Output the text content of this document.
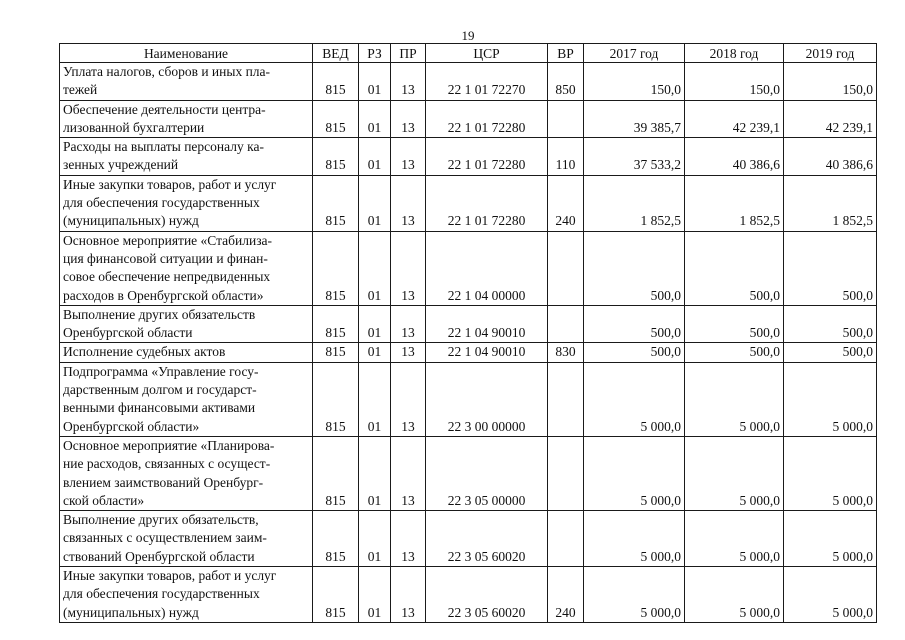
19
Наименование	ВЕД	РЗ	ПР	ЦСР	ВР	2017 год	2018 год	2019 год
Уплата налогов, сборов и иных пла-
тежей	815	01	13	22 1 01 72270	850	150,0	150,0	150,0
Обеспечение деятельности центра-
лизованной бухгалтерии	815	01	13	22 1 01 72280		39 385,7	42 239,1	42 239,1
Расходы на выплаты персоналу ка-
зенных учреждений	815	01	13	22 1 01 72280	110	37 533,2	40 386,6	40 386,6
Иные закупки товаров, работ и услуг
для обеспечения государственных
(муниципальных) нужд	815	01	13	22 1 01 72280	240	1 852,5	1 852,5	1 852,5
Основное мероприятие «Стабилиза-
ция финансовой ситуации и финан-
совое обеспечение непредвиденных
расходов в Оренбургской области»	815	01	13	22 1 04 00000		500,0	500,0	500,0
Выполнение других обязательств
Оренбургской области	815	01	13	22 1 04 90010		500,0	500,0	500,0
Исполнение судебных актов	815	01	13	22 1 04 90010	830	500,0	500,0	500,0
Подпрограмма «Управление госу-
дарственным долгом и государст-
венными финансовыми активами
Оренбургской области»	815	01	13	22 3 00 00000		5 000,0	5 000,0	5 000,0
Основное мероприятие «Планирова-
ние расходов, связанных с осущест-
влением заимствований Оренбург-
ской области»	815	01	13	22 3 05 00000		5 000,0	5 000,0	5 000,0
Выполнение других обязательств,
связанных с осуществлением заим-
ствований Оренбургской области	815	01	13	22 3 05 60020		5 000,0	5 000,0	5 000,0
Иные закупки товаров, работ и услуг
для обеспечения государственных
(муниципальных) нужд	815	01	13	22 3 05 60020	240	5 000,0	5 000,0	5 000,0
